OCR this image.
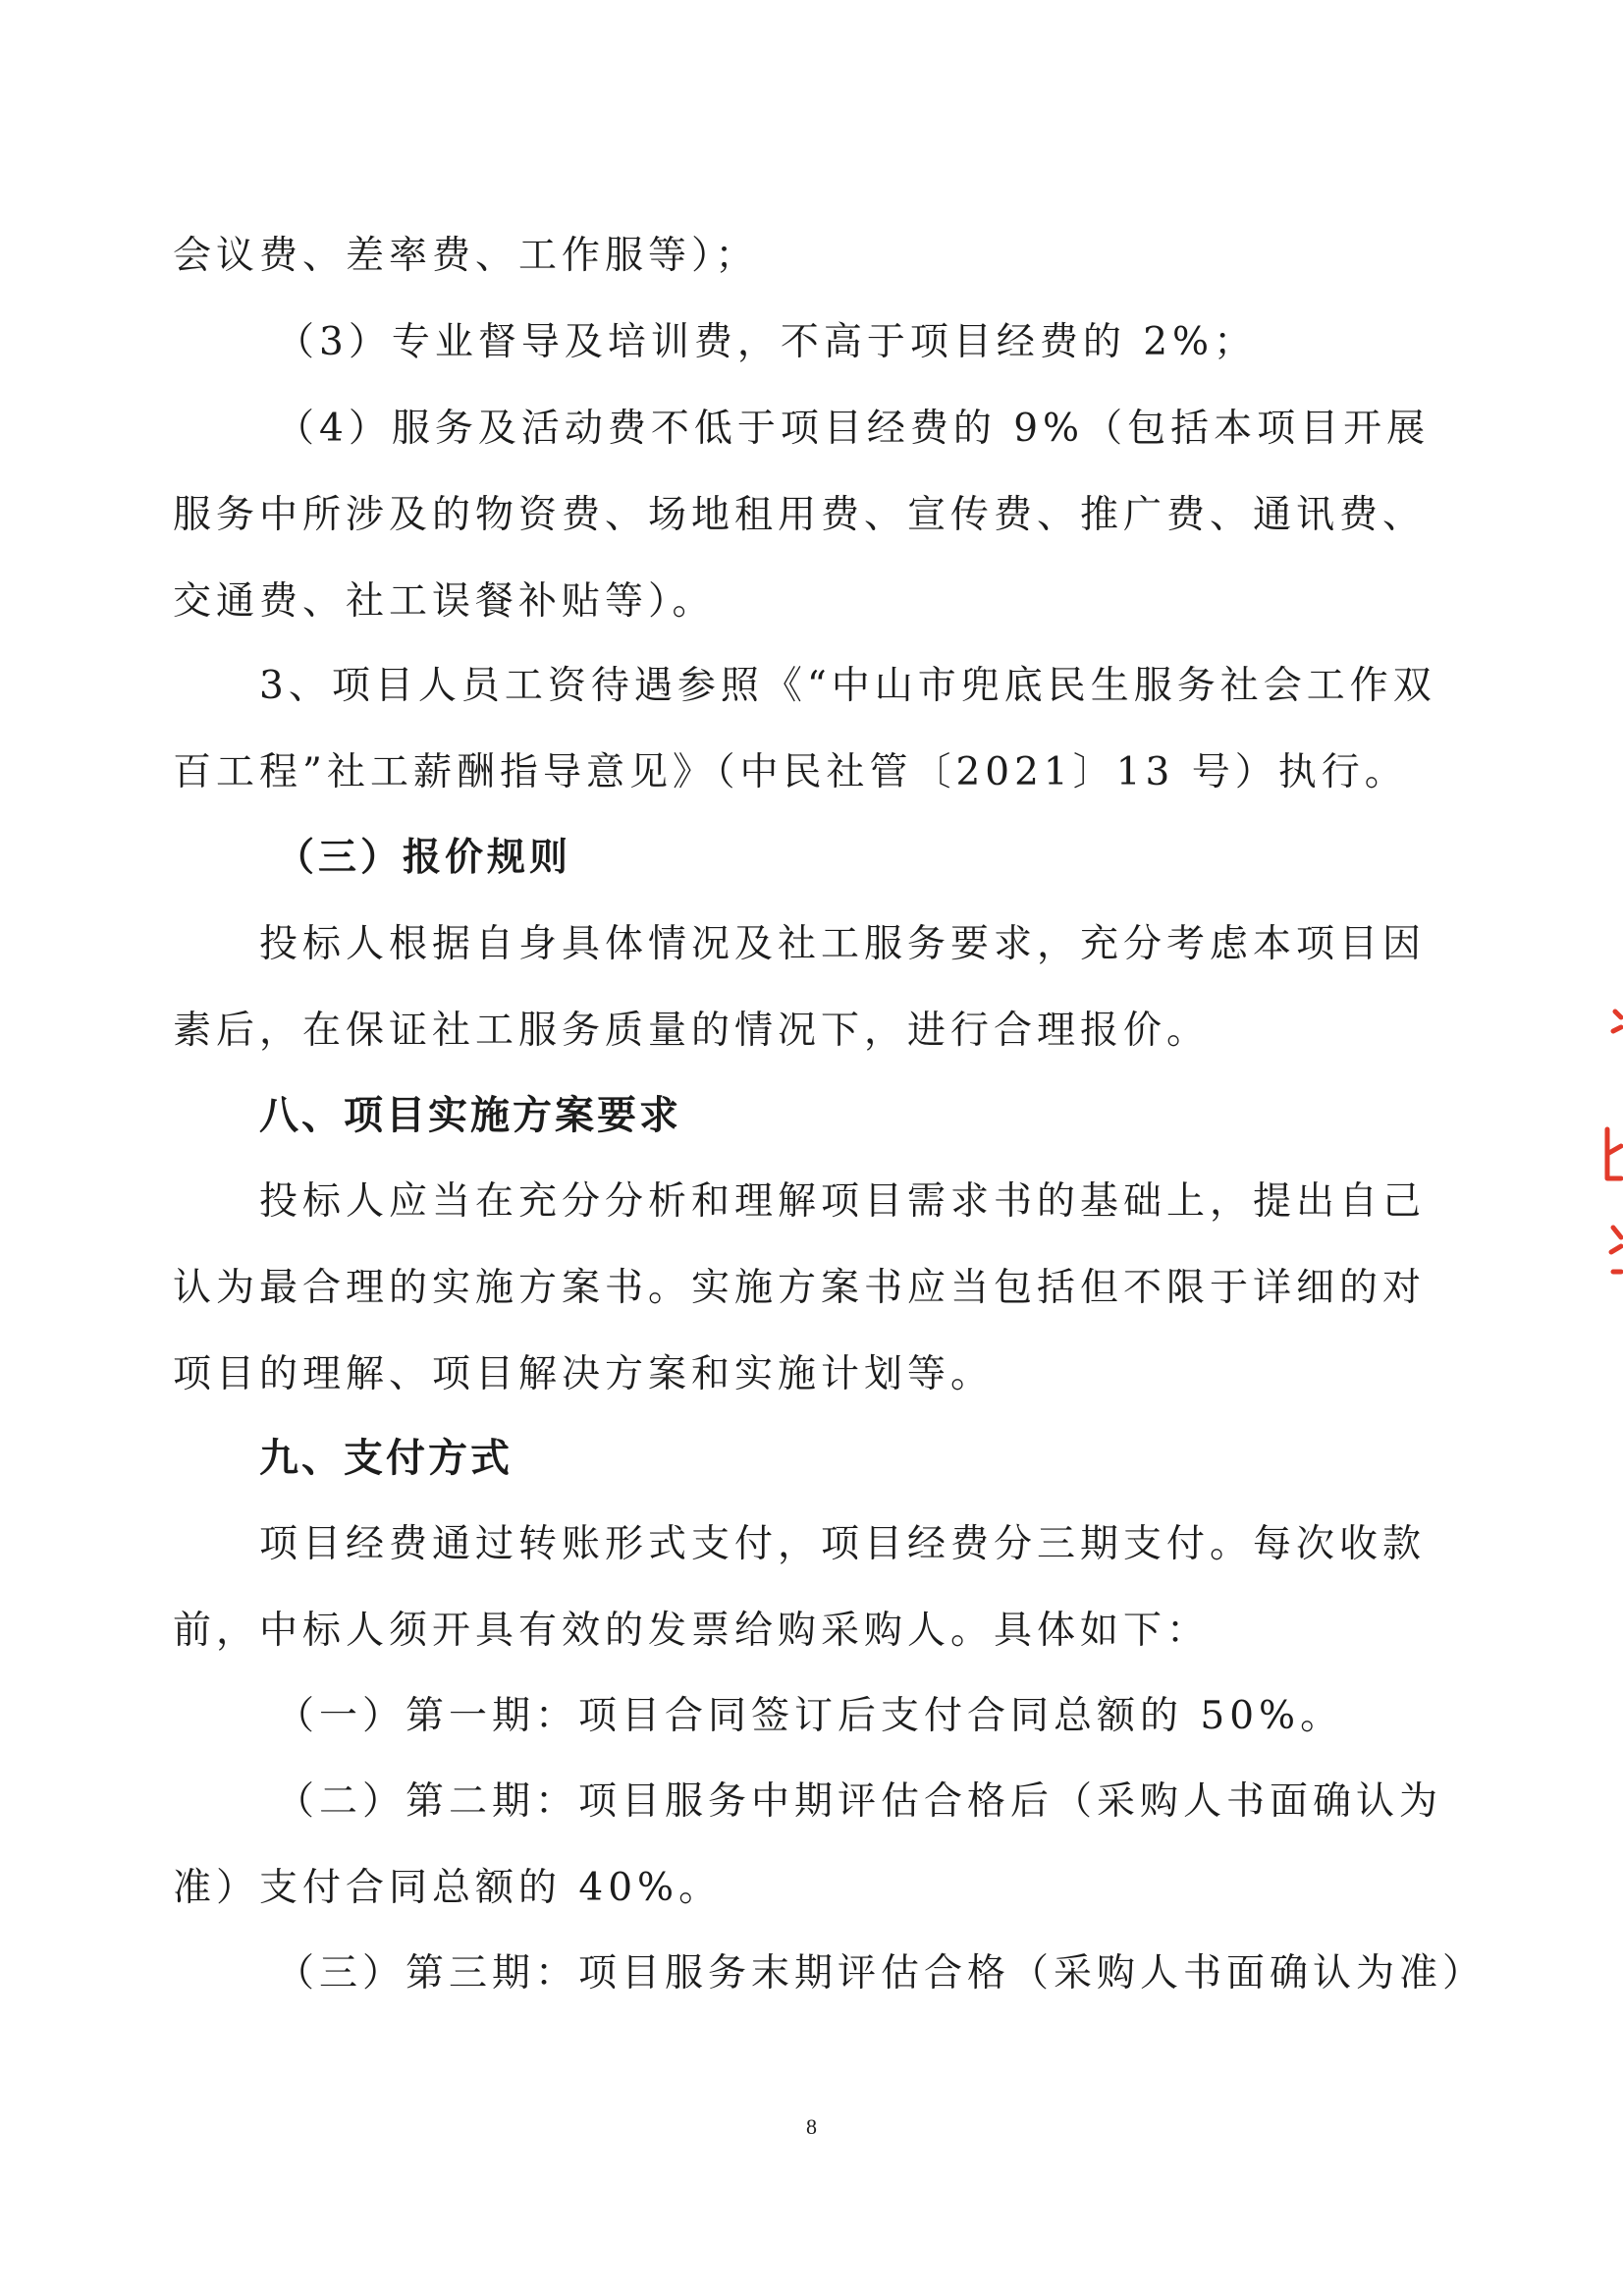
会议费、差率费、工作服等）；

（3）专业督导及培训费，不高于项目经费的 2%；

（4）服务及活动费不低于项目经费的 9%（包括本项目开展服务中所涉及的物资费、场地租用费、宣传费、推广费、通讯费、交通费、社工误餐补贴等）。

3、项目人员工资待遇参照《“中山市兜底民生服务社会工作双百工程”社工薪酬指导意见》（中民社管〔2021〕13 号）执行。

（三）报价规则

投标人根据自身具体情况及社工服务要求，充分考虑本项目因素后，在保证社工服务质量的情况下，进行合理报价。

八、项目实施方案要求

投标人应当在充分分析和理解项目需求书的基础上，提出自己认为最合理的实施方案书。实施方案书应当包括但不限于详细的对项目的理解、项目解决方案和实施计划等。

九、支付方式

项目经费通过转账形式支付，项目经费分三期支付。每次收款前，中标人须开具有效的发票给购采购人。具体如下：

（一）第一期：项目合同签订后支付合同总额的 50%。

（二）第二期：项目服务中期评估合格后（采购人书面确认为准）支付合同总额的 40%。

（三）第三期：项目服务末期评估合格（采购人书面确认为准）

8
